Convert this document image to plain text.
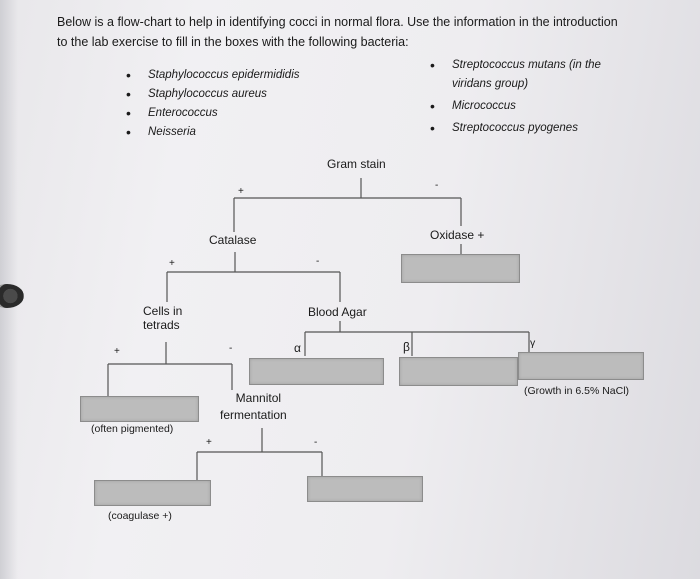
Below is a flow-chart to help in identifying cocci in normal flora. Use the information in the introduction
to the lab exercise to fill in the boxes with the following bacteria:

• Staphylococcus epidermididis
• Staphylococcus aureus
• Enterococcus
• Neisseria
• Streptococcus mutans (in the
viridans group)
• Micrococcus
• Streptococcus pyogenes
Gram stain
+
-
Catalase	Oxidase +
+	-
Cells in
tetrads
Blood Agar
+	-	α	β	γ
(Growth in 6.5% NaCl)
Mannitol
fermentation
(often pigmented)
+	-
(coagulase +)
